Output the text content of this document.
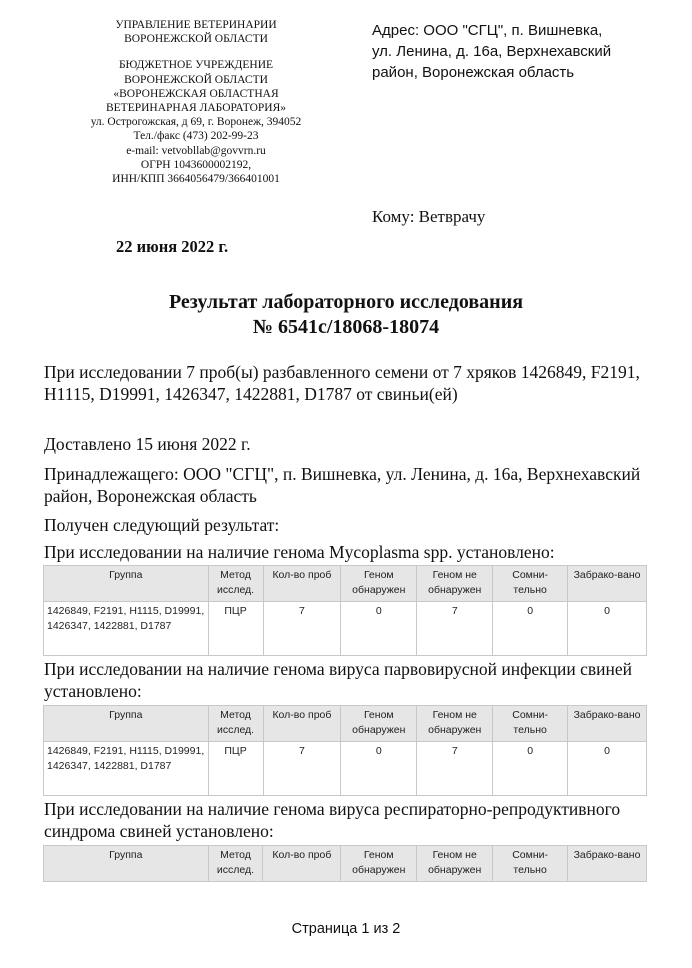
УПРАВЛЕНИЕ ВЕТЕРИНАРИИ
ВОРОНЕЖСКОЙ ОБЛАСТИ
БЮДЖЕТНОЕ УЧРЕЖДЕНИЕ
ВОРОНЕЖСКОЙ ОБЛАСТИ
«ВОРОНЕЖСКАЯ ОБЛАСТНАЯ
ВЕТЕРИНАРНАЯ ЛАБОРАТОРИЯ»
ул. Острогожская, д 69, г. Воронеж, 394052
Тел./факс (473) 202-99-23
e-mail: vetvobllab@govvrn.ru
ОГРН 1043600002192,
ИНН/КПП 3664056479/366401001
Адрес: ООО "СГЦ", п. Вишневка,
ул. Ленина, д. 16а, Верхнехавский
район, Воронежская область
Кому: Ветврачу
22 июня 2022 г.
Результат лабораторного исследования
№ 6541с/18068-18074
При исследовании 7 проб(ы) разбавленного семени от 7 хряков 1426849, F2191, H1115, D19991, 1426347, 1422881, D1787 от свиньи(ей)
Доставлено 15 июня 2022 г.
Принадлежащего: ООО "СГЦ", п. Вишневка, ул. Ленина, д. 16а, Верхнехавский район, Воронежская область
Получен следующий результат:
При исследовании на наличие генома Mycoplasma spp. установлено:
Группа	Метод исслед.	Кол-во проб	Геном обнаружен	Геном не обнаружен	Сомни-тельно	Забрако-вано
1426849, F2191, H1115, D19991, 1426347, 1422881, D1787	ПЦР	7	0	7	0	0
При исследовании на наличие генома вируса парвовирусной инфекции свиней установлено:
Группа	Метод исслед.	Кол-во проб	Геном обнаружен	Геном не обнаружен	Сомни-тельно	Забрако-вано
1426849, F2191, H1115, D19991, 1426347, 1422881, D1787	ПЦР	7	0	7	0	0
При исследовании на наличие генома вируса респираторно-репродуктивного синдрома свиней установлено:
Группа	Метод исслед.	Кол-во проб	Геном обнаружен	Геном не обнаружен	Сомни-тельно	Забрако-вано
Страница 1 из 2
